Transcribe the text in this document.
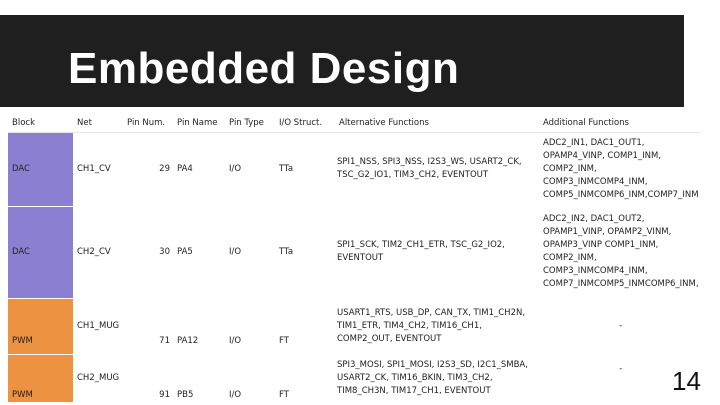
Embedded Design
Block	Net	Pin Num.	Pin Name	Pin Type	I/O Struct.	Alternative Functions	Additional Functions
DAC	CH1_CV	29	PA4	I/O	TTa	SPI1_NSS, SPI3_NSS, I2S3_WS, USART2_CK, TSC_G2_IO1, TIM3_CH2, EVENTOUT	ADC2_IN1, DAC1_OUT1, OPAMP4_VINP, COMP1_INM, COMP2_INM, COMP3_INMCOMP4_INM, COMP5_INMCOMP6_INM,COMP7_INM
DAC	CH2_CV	30	PA5	I/O	TTa	SPI1_SCK, TIM2_CH1_ETR, TSC_G2_IO2, EVENTOUT	ADC2_IN2, DAC1_OUT2, OPAMP1_VINP, OPAMP2_VINM, OPAMP3_VINP COMP1_INM, COMP2_INM, COMP3_INMCOMP4_INM, COMP7_INMCOMP5_INMCOMP6_INM,
PWM	CH1_MUG	71	PA12	I/O	FT	USART1_RTS, USB_DP, CAN_TX, TIM1_CH2N, TIM1_ETR, TIM4_CH2, TIM16_CH1, COMP2_OUT, EVENTOUT	-
PWM	CH2_MUG	91	PB5	I/O	FT	SPI3_MOSI, SPI1_MOSI, I2S3_SD, I2C1_SMBA, USART2_CK, TIM16_BKIN, TIM3_CH2, TIM8_CH3N, TIM17_CH1, EVENTOUT	- 14
